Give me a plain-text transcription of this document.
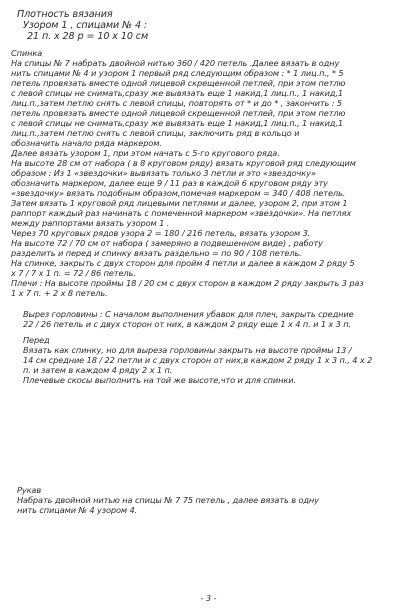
Плотность вязания
Узором 1 , спицами № 4 :
21 п. х 28 р = 10 х 10 см
Спинка
На спицы № 7 набрать двойной нитью 360 / 420 петель .Далее вязать в одну
нить спицами № 4 и узором 1 первый ряд следующим образом : * 1 лиц.п., * 5
петель провязать вместе одной лицевой скрещенной петлей, при этом петлю
с левой спицы не снимать,сразу же вывязать еще 1 накид,1 лиц.п., 1 накид,1
лиц.п.,затем петлю снять с левой спицы, повторять от * и до * , закончить : 5
петель провязать вместе одной лицевой скрещенной петлей, при этом петлю
с левой спицы не снимать,сразу же вывязать еще 1 накид,1 лиц.п., 1 накид,1
лиц.п.,затем петлю снять с левой спицы, заключить ряд в кольцо и
обозначить начало ряда маркером.
Далее вязать узором 1, при этом начать с 5-го кругового ряда.
На высоте 28 см от набора ( в 8 круговом ряду) вязать круговой ряд следующим
образом : Из 1 «звездочки» вывязать только 3 петли и это «звездочку»
обозначить маркером, далее еще 9 / 11 раз в каждой 6 круговом ряду эту
«звездочку» вязать подобным образом,помечая маркером = 340 / 408 петель.
Затем вязать 1 круговой ряд лицевыми петлями и далее, узором 2, при этом 1
раппорт каждый раз начинать с помеченной маркером «звездочки». На петлях
между раппортами вязать узором 1 .
Через 70 круговых рядов узора 2 = 180 / 216 петель, вязать узором 3.
На высоте 72 / 70 см от набора ( замеряно в подвешенном виде) , работу
разделить и перед и спинку вязать раздельно = по 90 / 108 петель.
На спинке, закрыть с двух сторон для пройм 4 петли и далее в каждом 2 ряду 5
х 7 / 7 х 1 п. = 72 / 86 петель.
Плечи : На высоте проймы 18 / 20 см с двух сторон в каждом 2 ряду закрыть 3 раз
1 х 7 п. + 2 х 8 петель.
Вырез горловины : С началом выполнения убавок для плеч, закрыть средние
22 / 26 петель и с двух сторон от них, в каждом 2 ряду еще 1 х 4 п. и 1 х 3 п.
Перед
Вязать как спинку, но для выреза горловины закрыть на высоте проймы 13 /
14 см средние 18 / 22 петли и с двух сторон от них,в каждом 2 ряду 1 х 3 п., 4 х 2
п. и затем в каждом 4 ряду 2 х 1 п.
Плечевые скосы выполнить на той же высоте,что и для спинки.
Рукав
Набрать двойной нитью на спицы № 7 75 петель , далее вязать в одну
нить спицами № 4 узором 4.
- 3 -
